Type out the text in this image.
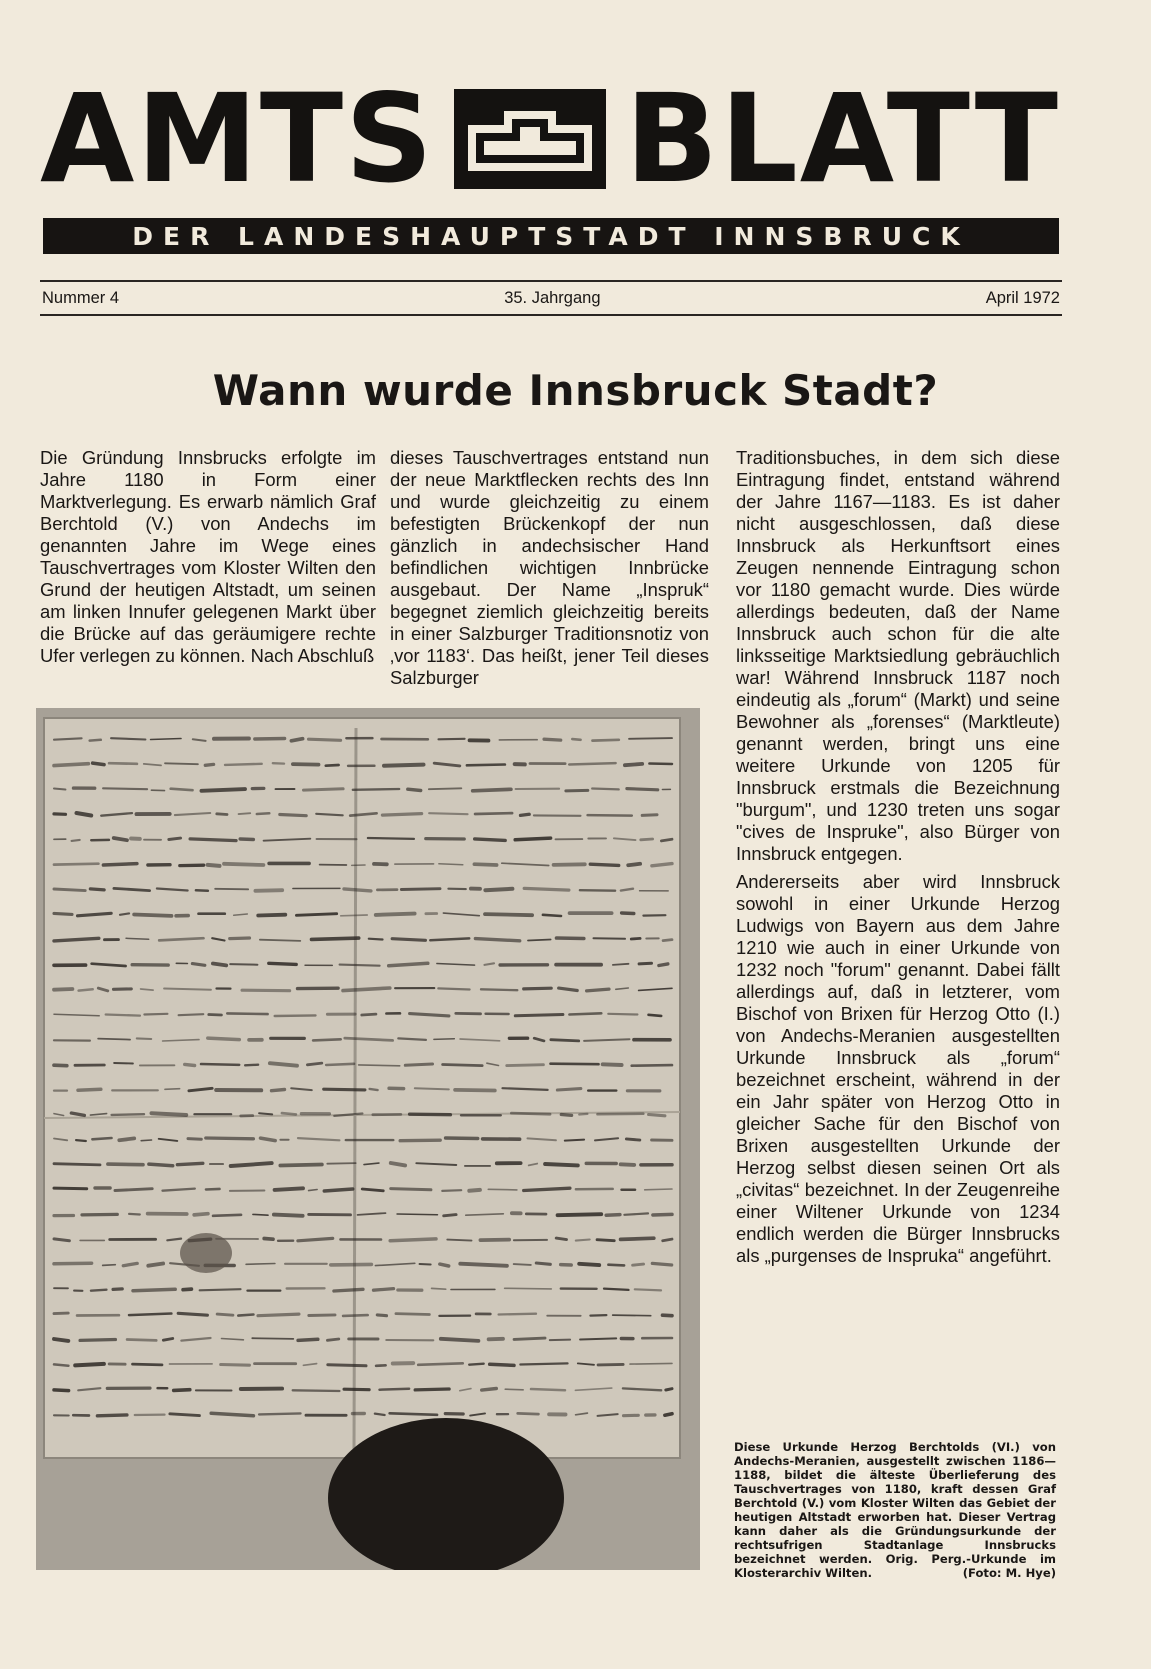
AMTS BLATT
DER LANDESHAUPTSTADT INNSBRUCK
Nummer 4	35. Jahrgang	April 1972
Wann wurde Innsbruck Stadt?

Die Gründung Innsbrucks erfolgte im Jahre 1180 in Form einer Marktverlegung. Es erwarb nämlich Graf Berchtold (V.) von Andechs im genannten Jahre im Wege eines Tauschvertrages vom Kloster Wilten den Grund der heutigen Altstadt, um seinen am linken Innufer gelegenen Markt über die Brücke auf das geräumigere rechte Ufer verlegen zu können. Nach Abschluß

dieses Tauschvertrages entstand nun der neue Marktflecken rechts des Inn und wurde gleichzeitig zu einem befestigten Brückenkopf der nun gänzlich in andechsischer Hand befindlichen wichtigen Innbrücke ausgebaut. Der Name „Inspruk“ begegnet ziemlich gleichzeitig bereits in einer Salzburger Traditionsnotiz von ‚vor 1183‘. Das heißt, jener Teil dieses Salzburger

Traditionsbuches, in dem sich diese Eintragung findet, entstand während der Jahre 1167—1183. Es ist daher nicht ausgeschlossen, daß diese Innsbruck als Herkunftsort eines Zeugen nennende Eintragung schon vor 1180 gemacht wurde. Dies würde allerdings bedeuten, daß der Name Innsbruck auch schon für die alte linksseitige Marktsiedlung gebräuchlich war! Während Innsbruck 1187 noch eindeutig als „forum“ (Markt) und seine Bewohner als „forenses“ (Marktleute) genannt werden, bringt uns eine weitere Urkunde von 1205 für Innsbruck erstmals die Bezeichnung "burgum", und 1230 treten uns sogar "cives de Inspruke", also Bürger von Innsbruck entgegen.

Andererseits aber wird Innsbruck sowohl in einer Urkunde Herzog Ludwigs von Bayern aus dem Jahre 1210 wie auch in einer Urkunde von 1232 noch "forum" genannt. Dabei fällt allerdings auf, daß in letzterer, vom Bischof von Brixen für Herzog Otto (I.) von Andechs-Meranien ausgestellten Urkunde Innsbruck als „forum“ bezeichnet erscheint, während in der ein Jahr später von Herzog Otto in gleicher Sache für den Bischof von Brixen ausgestellten Urkunde der Herzog selbst diesen seinen Ort als „civitas“ bezeichnet. In der Zeugenreihe einer Wiltener Urkunde von 1234 endlich werden die Bürger Innsbrucks als „purgenses de Inspruka“ angeführt.

Diese Urkunde Herzog Berchtolds (VI.) von Andechs-Meranien, ausgestellt zwischen 1186—1188, bildet die älteste Überlieferung des Tauschvertrages von 1180, kraft dessen Graf Berchtold (V.) vom Kloster Wilten das Gebiet der heutigen Altstadt erworben hat. Dieser Vertrag kann daher als die Gründungsurkunde der rechtsufrigen Stadtanlage Innsbrucks bezeichnet werden. Orig. Perg.-Urkunde im Klosterarchiv Wilten.	(Foto: M. Hye)
